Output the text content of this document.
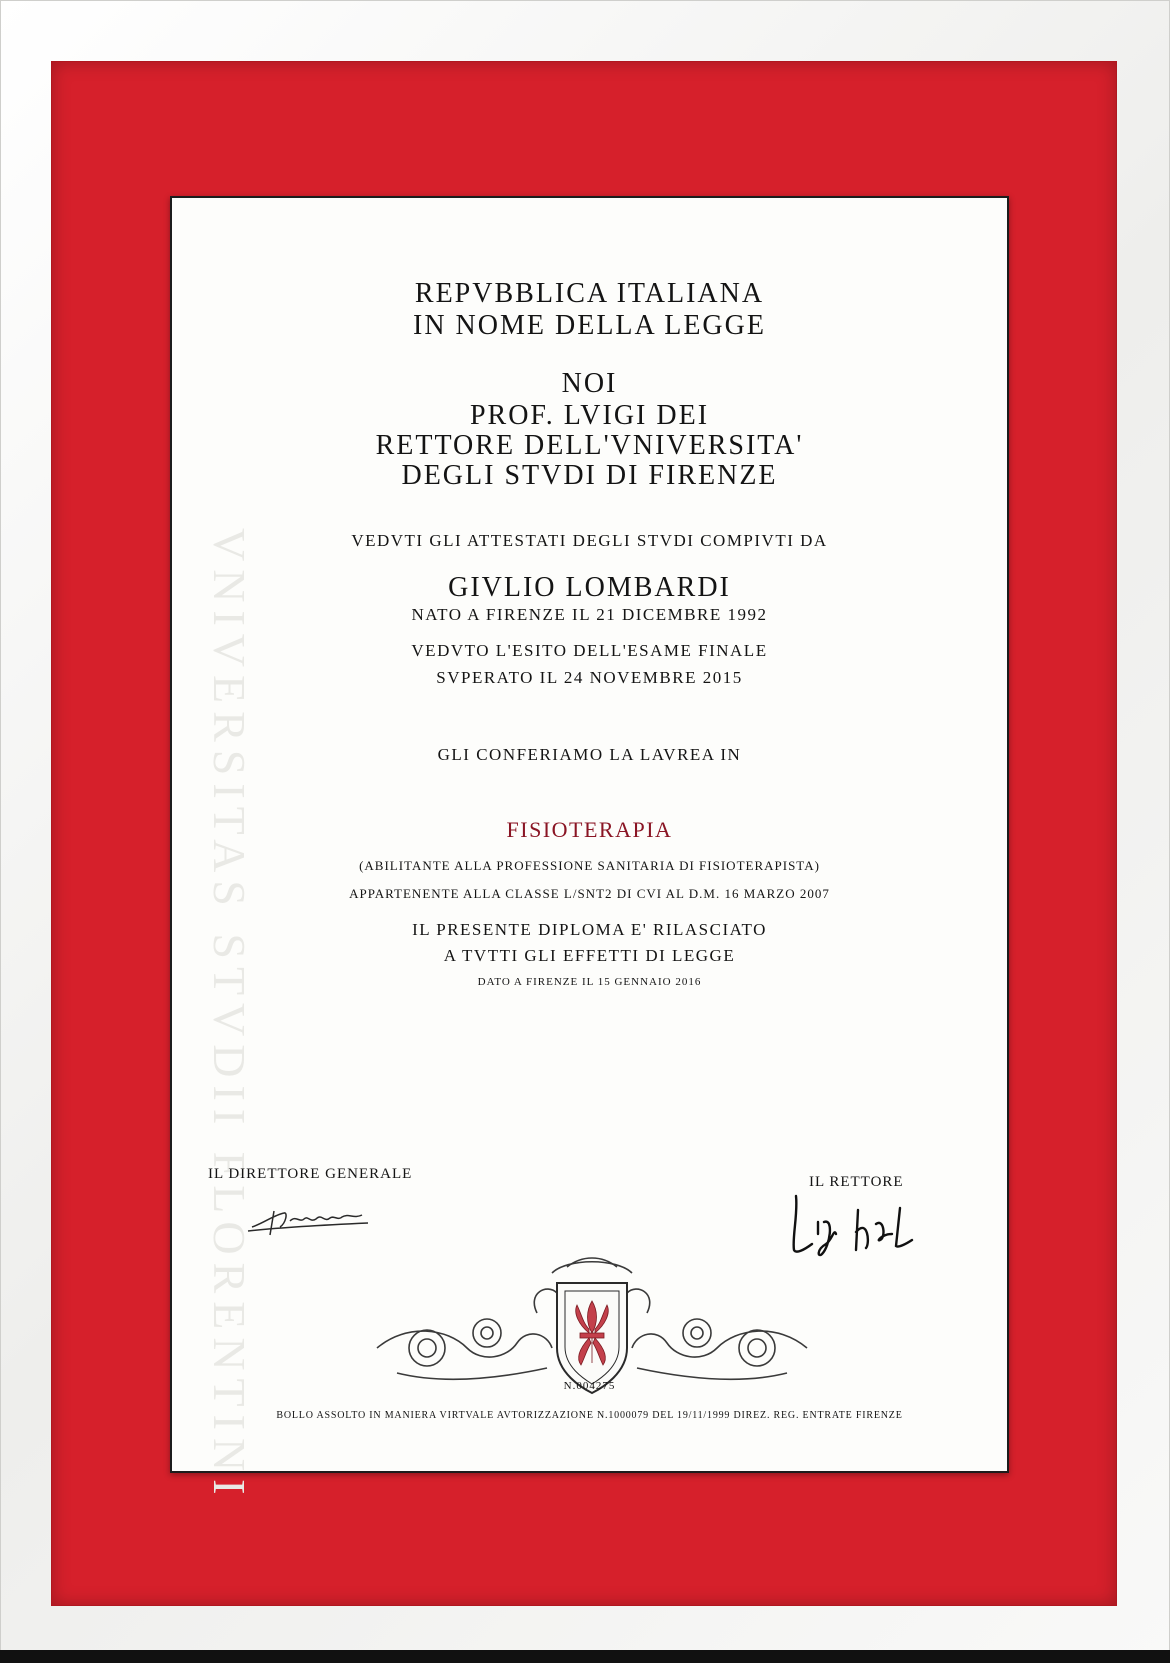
VNIVERSITAS STVDII FLORENTINI
REPVBBLICA ITALIANA
IN NOME DELLA LEGGE
NOI
PROF. LVIGI DEI
RETTORE DELL'VNIVERSITA'
DEGLI STVDI DI FIRENZE
VEDVTI GLI ATTESTATI DEGLI STVDI COMPIVTI DA
GIVLIO LOMBARDI
NATO A FIRENZE IL 21 DICEMBRE 1992
VEDVTO L'ESITO DELL'ESAME FINALE
SVPERATO IL 24 NOVEMBRE 2015
GLI CONFERIAMO LA LAVREA IN
FISIOTERAPIA
(ABILITANTE ALLA PROFESSIONE SANITARIA DI FISIOTERAPISTA)
APPARTENENTE ALLA CLASSE L/SNT2 DI CVI AL D.M. 16 MARZO 2007
IL PRESENTE DIPLOMA E' RILASCIATO
A TVTTI GLI EFFETTI DI LEGGE
DATO A FIRENZE IL 15 GENNAIO 2016
IL DIRETTORE GENERALE	IL RETTORE
N.004275
BOLLO ASSOLTO IN MANIERA VIRTVALE AVTORIZZAZIONE N.1000079 DEL 19/11/1999 DIREZ. REG. ENTRATE FIRENZE
